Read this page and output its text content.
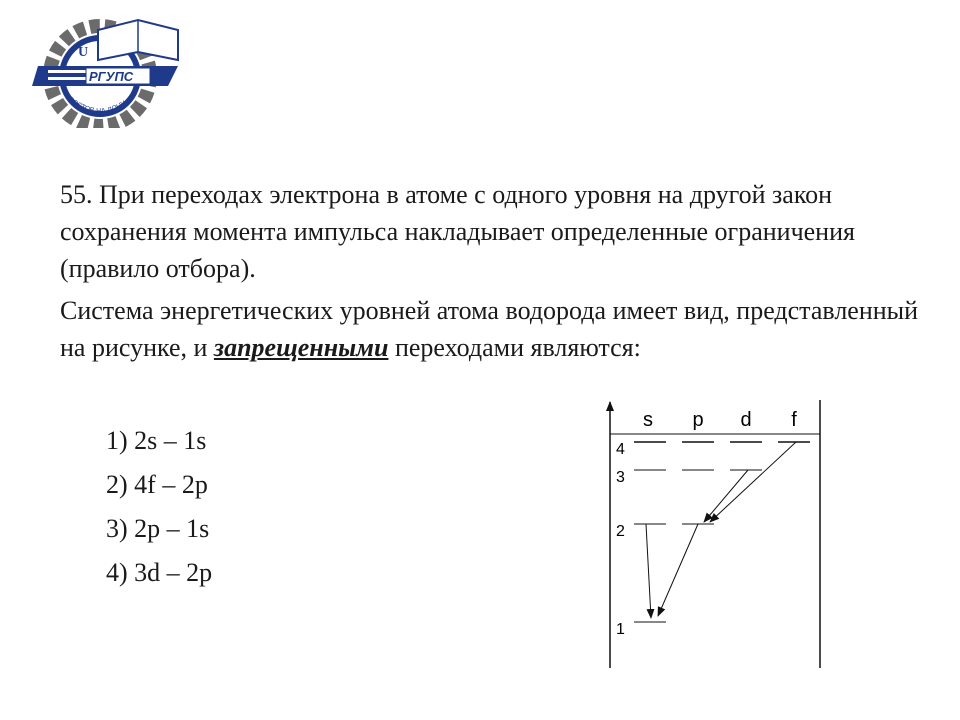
U
РГУПС
РОСТОВ-НА-ДОНУ

55. При переходах электрона в атоме с одного уровня на другой закон сохранения момента импульса накладывает определенные ограничения (правило отбора).

Система энергетических уровней атома водорода имеет вид, представленный на рисунке, и запрещенными переходами являются:

1) 2s – 1s
2) 4f – 2p
3) 2p – 1s
4) 3d – 2p
s p d f
4
3
2
1
